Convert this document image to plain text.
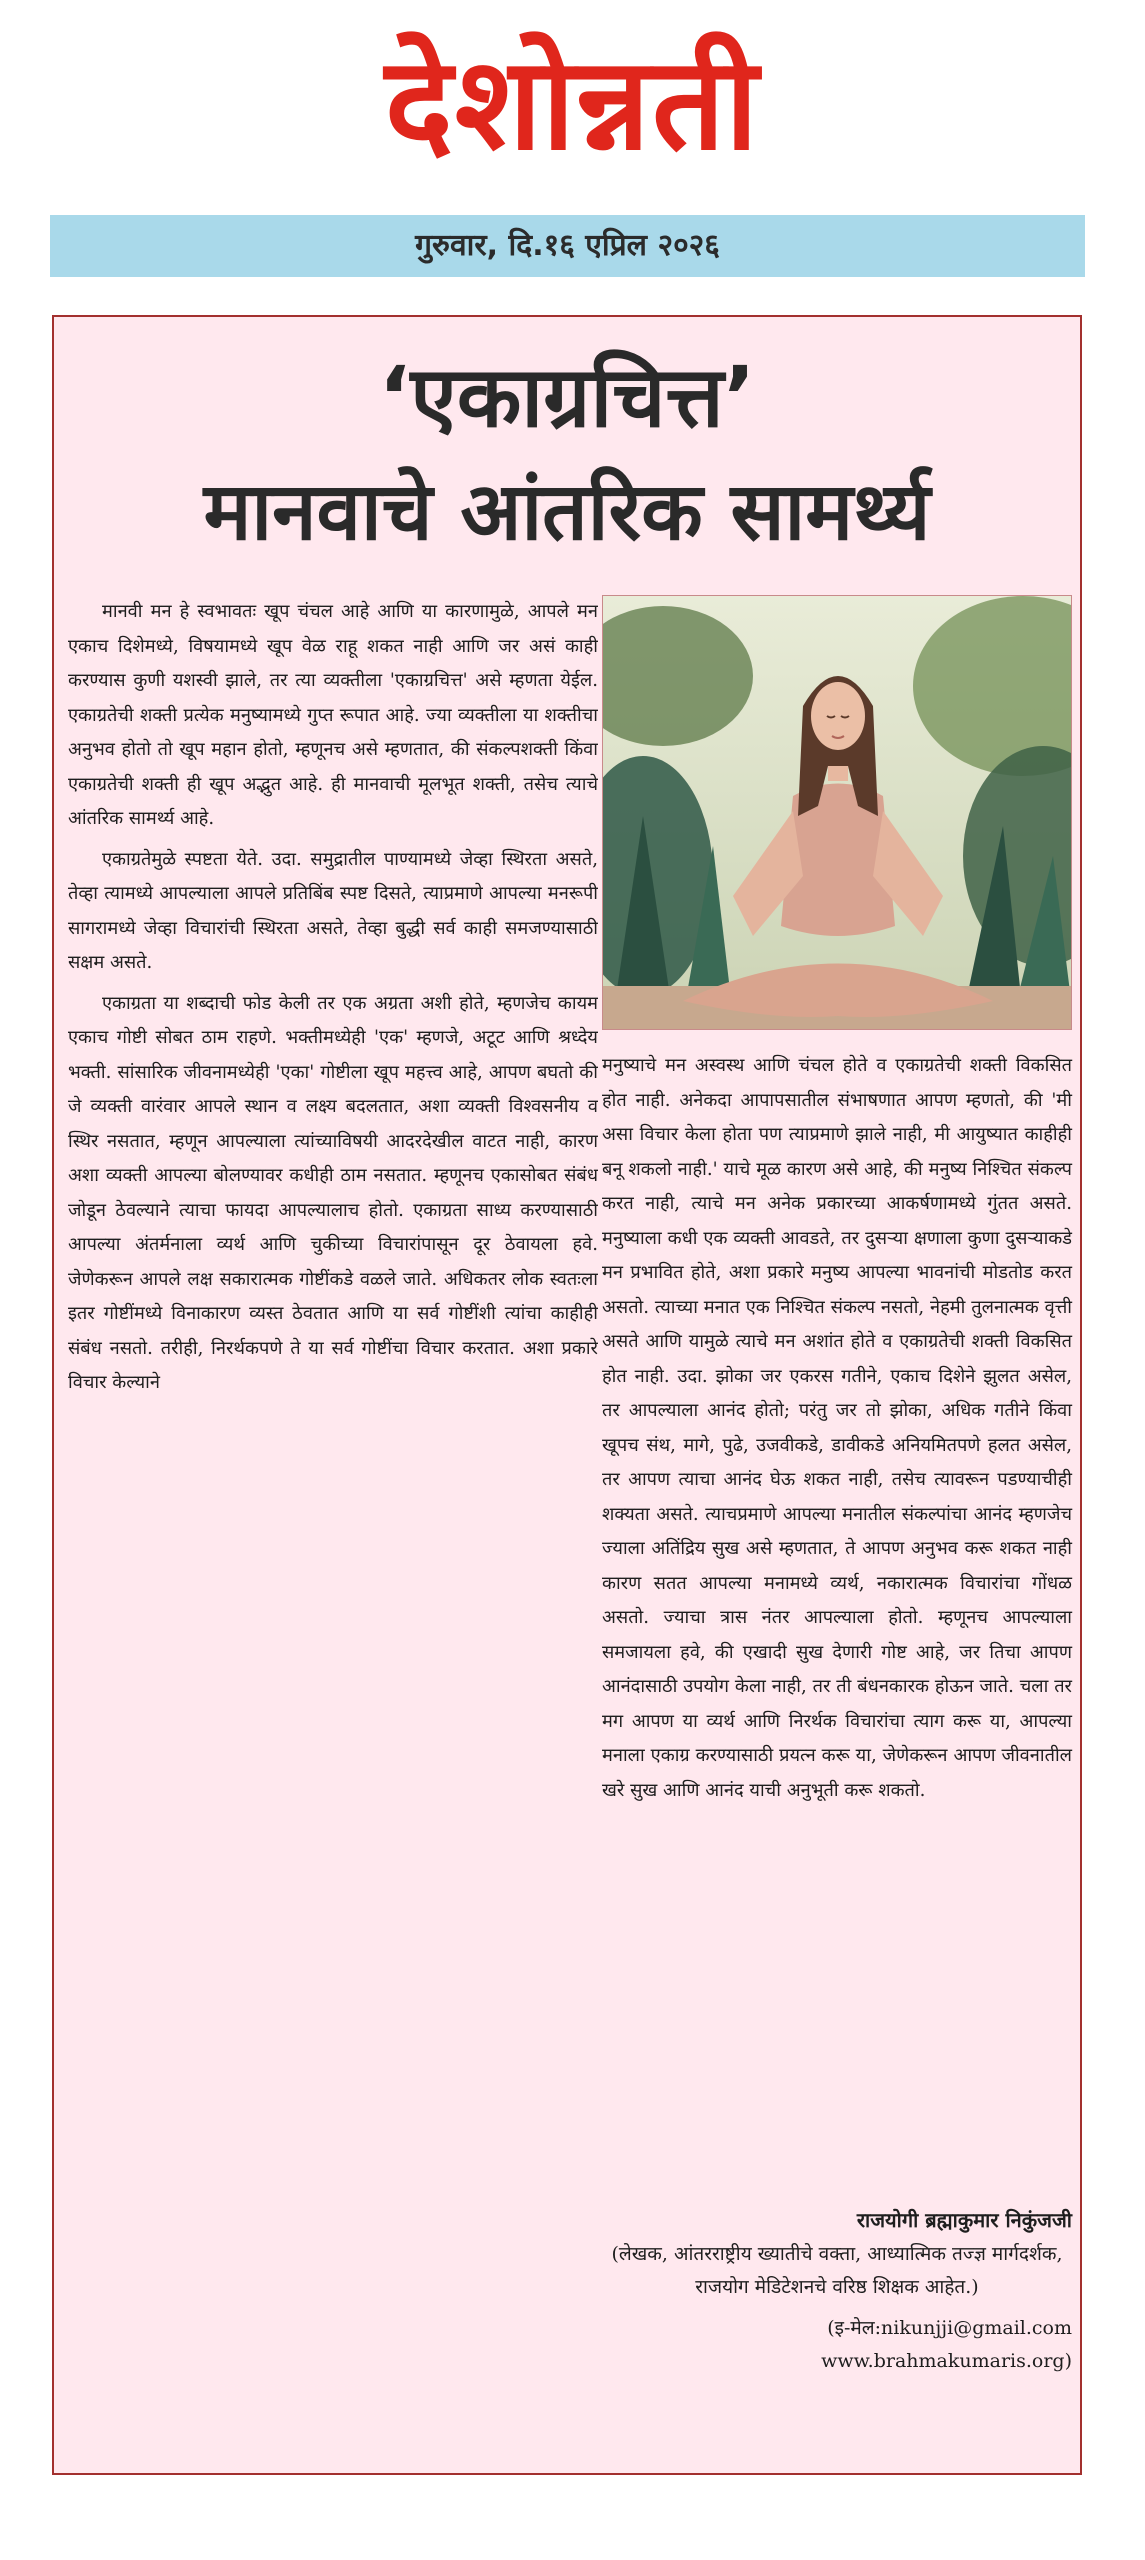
देशोन्नती
गुरुवार, दि.१६ एप्रिल २०२६
‘एकाग्रचित्त’
मानवाचे आंतरिक सामर्थ्य

मानवी मन हे स्वभावतः खूप चंचल आहे आणि या कारणामुळे, आपले मन एकाच दिशेमध्ये, विषयामध्ये खूप वेळ राहू शकत नाही आणि जर असं काही करण्यास कुणी यशस्वी झाले, तर त्या व्यक्तीला 'एकाग्रचित्त' असे म्हणता येईल. एकाग्रतेची शक्ती प्रत्येक मनुष्यामध्ये गुप्त रूपात आहे. ज्या व्यक्तीला या शक्तीचा अनुभव होतो तो खूप महान होतो, म्हणूनच असे म्हणतात, की संकल्पशक्ती किंवा एकाग्रतेची शक्ती ही खूप अद्भुत आहे. ही मानवाची मूलभूत शक्ती, तसेच त्याचे आंतरिक सामर्थ्य आहे.

एकाग्रतेमुळे स्पष्टता येते. उदा. समुद्रातील पाण्यामध्ये जेव्हा स्थिरता असते, तेव्हा त्यामध्ये आपल्याला आपले प्रतिबिंब स्पष्ट दिसते, त्याप्रमाणे आपल्या मनरूपी सागरामध्ये जेव्हा विचारांची स्थिरता असते, तेव्हा बुद्धी सर्व काही समजण्यासाठी सक्षम असते.

एकाग्रता या शब्दाची फोड केली तर एक अग्रता अशी होते, म्हणजेच कायम एकाच गोष्टी सोबत ठाम राहणे. भक्तीमध्येही 'एक' म्हणजे, अटूट आणि श्रध्देय भक्ती. सांसारिक जीवनामध्येही 'एका' गोष्टीला खूप महत्त्व आहे, आपण बघतो की जे व्यक्ती वारंवार आपले स्थान व लक्ष्य बदलतात, अशा व्यक्ती विश्वसनीय व स्थिर नसतात, म्हणून आपल्याला त्यांच्याविषयी आदरदेखील वाटत नाही, कारण अशा व्यक्ती आपल्या बोलण्यावर कधीही ठाम नसतात. म्हणूनच एकासोबत संबंध जोडून ठेवल्याने त्याचा फायदा आपल्यालाच होतो. एकाग्रता साध्य करण्यासाठी आपल्या अंतर्मनाला व्यर्थ आणि चुकीच्या विचारांपासून दूर ठेवायला हवे. जेणेकरून आपले लक्ष सकारात्मक गोष्टींकडे वळले जाते. अधिकतर लोक स्वतःला इतर गोष्टींमध्ये विनाकारण व्यस्त ठेवतात आणि या सर्व गोष्टींशी त्यांचा काहीही संबंध नसतो. तरीही, निरर्थकपणे ते या सर्व गोष्टींचा विचार करतात. अशा प्रकारे विचार केल्याने

मनुष्याचे मन अस्वस्थ आणि चंचल होते व एकाग्रतेची शक्ती विकसित होत नाही. अनेकदा आपापसातील संभाषणात आपण म्हणतो, की 'मी असा विचार केला होता पण त्याप्रमाणे झाले नाही, मी आयुष्यात काहीही बनू शकलो नाही.' याचे मूळ कारण असे आहे, की मनुष्य निश्चित संकल्प करत नाही, त्याचे मन अनेक प्रकारच्या आकर्षणामध्ये गुंतत असते. मनुष्याला कधी एक व्यक्ती आवडते, तर दुसऱ्या क्षणाला कुणा दुसऱ्याकडे मन प्रभावित होते, अशा प्रकारे मनुष्य आपल्या भावनांची मोडतोड करत असतो. त्याच्या मनात एक निश्चित संकल्प नसतो, नेहमी तुलनात्मक वृत्ती असते आणि यामुळे त्याचे मन अशांत होते व एकाग्रतेची शक्ती विकसित होत नाही. उदा. झोका जर एकरस गतीने, एकाच दिशेने झुलत असेल, तर आपल्याला आनंद होतो; परंतु जर तो झोका, अधिक गतीने किंवा खूपच संथ, मागे, पुढे, उजवीकडे, डावीकडे अनियमितपणे हलत असेल, तर आपण त्याचा आनंद घेऊ शकत नाही, तसेच त्यावरून पडण्याचीही शक्यता असते. त्याचप्रमाणे आपल्या मनातील संकल्पांचा आनंद म्हणजेच ज्याला अतिंद्रिय सुख असे म्हणतात, ते आपण अनुभव करू शकत नाही कारण सतत आपल्या मनामध्ये व्यर्थ, नकारात्मक विचारांचा गोंधळ असतो. ज्याचा त्रास नंतर आपल्याला होतो. म्हणूनच आपल्याला समजायला हवे, की एखादी सुख देणारी गोष्ट आहे, जर तिचा आपण आनंदासाठी उपयोग केला नाही, तर ती बंधनकारक होऊन जाते. चला तर मग आपण या व्यर्थ आणि निरर्थक विचारांचा त्याग करू या, आपल्या मनाला एकाग्र करण्यासाठी प्रयत्न करू या, जेणेकरून आपण जीवनातील खरे सुख आणि आनंद याची अनुभूती करू शकतो.

राजयोगी ब्रह्माकुमार निकुंजजी
(लेखक, आंतरराष्ट्रीय ख्यातीचे वक्ता, आध्यात्मिक तज्ज्ञ मार्गदर्शक, राजयोग मेडिटेशनचे वरिष्ठ शिक्षक आहेत.)
(इ-मेल:nikunjji@gmail.com
www.brahmakumaris.org)
